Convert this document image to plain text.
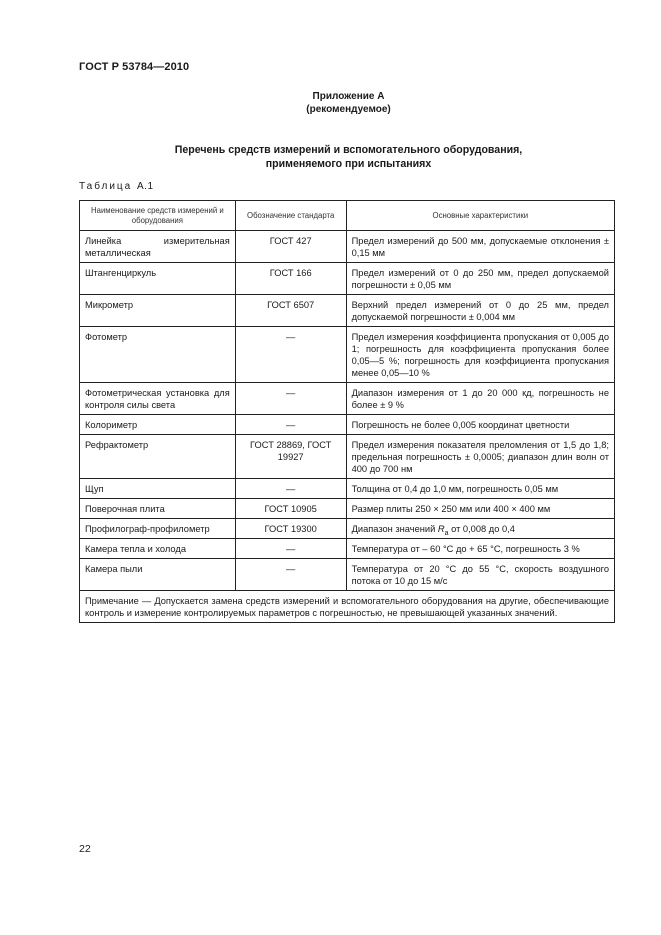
ГОСТ Р 53784—2010
Приложение А
(рекомендуемое)
Перечень средств измерений и вспомогательного оборудования,
применяемого при испытаниях
Таблица А.1
Наименование средств измерений и оборудования	Обозначение стандарта	Основные характеристики
Линейка измерительная металлическая	ГОСТ 427	Предел измерений до 500 мм, допускаемые отклонения ± 0,15 мм
Штангенциркуль	ГОСТ 166	Предел измерений от 0 до 250 мм, предел допускаемой погрешности ± 0,05 мм
Микрометр	ГОСТ 6507	Верхний предел измерений от 0 до 25 мм, предел допускаемой погрешности ± 0,004 мм
Фотометр	—	Предел измерения коэффициента пропускания от 0,005 до 1; погрешность для коэффициента пропускания более 0,05—5 %; погрешность для коэффициента пропускания менее 0,05—10 %
Фотометрическая установка для контроля силы света	—	Диапазон измерения от 1 до 20 000 кд, погрешность не более ± 9 %
Колориметр	—	Погрешность не более 0,005 координат цветности
Рефрактометр	ГОСТ 28869, ГОСТ 19927	Предел измерения показателя преломления от 1,5 до 1,8; предельная погрешность ± 0,0005; диапазон длин волн от 400 до 700 нм
Щуп	—	Толщина от 0,4 до 1,0 мм, погрешность 0,05 мм
Поверочная плита	ГОСТ 10905	Размер плиты 250 × 250 мм или 400 × 400 мм
Профилограф-профилометр	ГОСТ 19300	Диапазон значений $R_a$ от 0,008 до 0,4
Камера тепла и холода	—	Температура от – 60 °С до + 65 °С, погрешность 3 %
Камера пыли	—	Температура от 20 °С до 55 °С, скорость воздушного потока от 10 до 15 м/с
Примечание — Допускается замена средств измерений и вспомогательного оборудования на другие, обеспечивающие контроль и измерение контролируемых параметров с погрешностью, не превышающей указанных значений.		
22
